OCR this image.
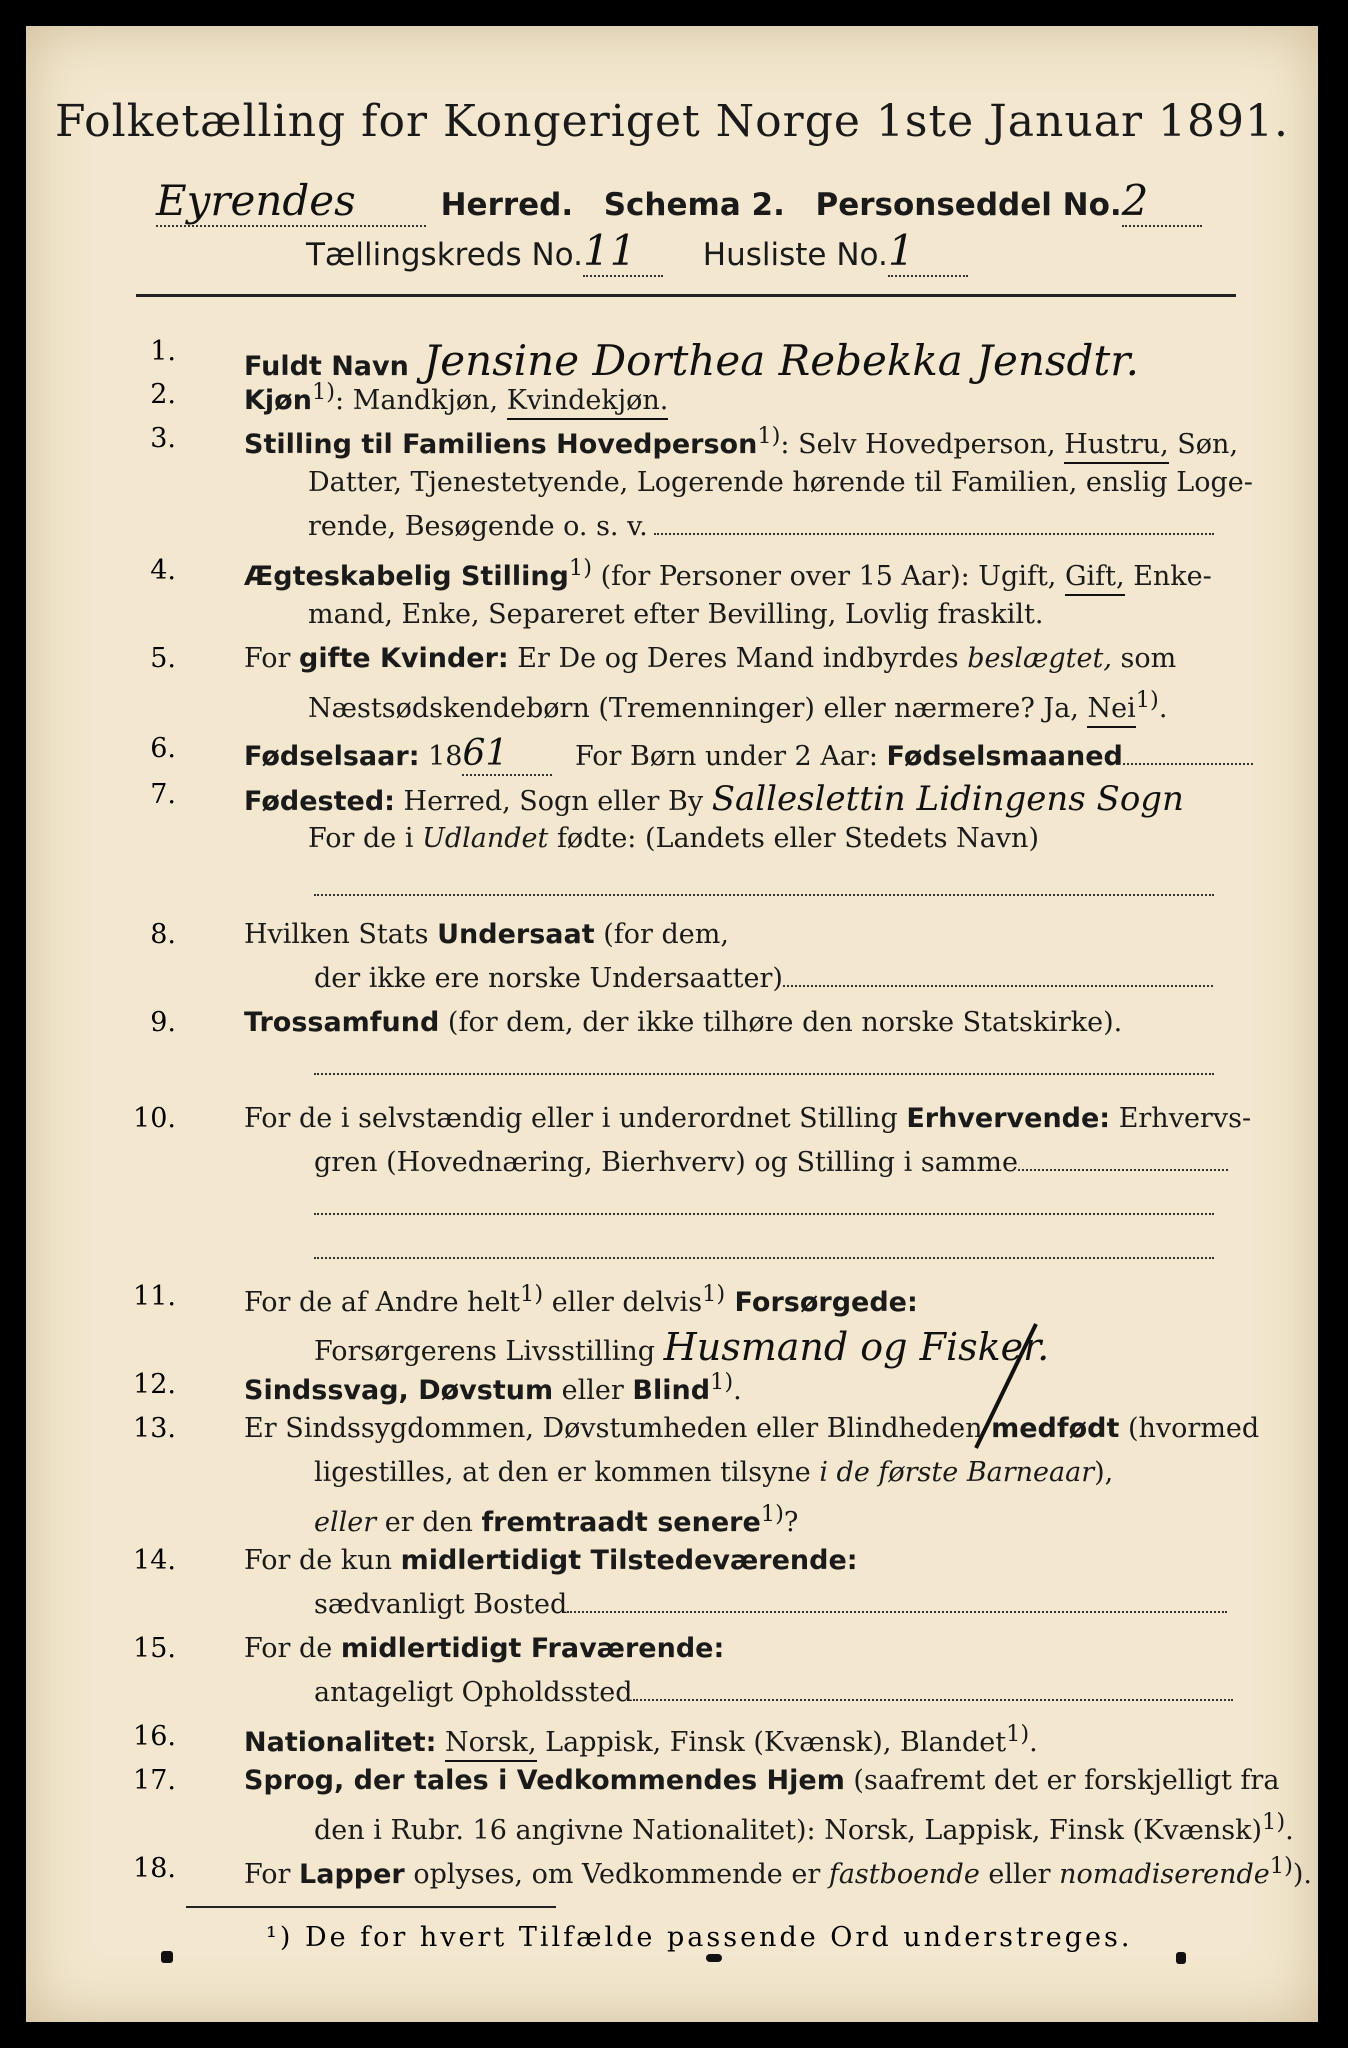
Folketælling for Kongeriget Norge 1ste Januar 1891.
Eyrendes	Herred. Schema 2. Personseddel No.2
Tællingskreds No.11 Husliste No.1
1.	Fuldt Navn Jensine Dorthea Rebekka Jensdtr.
2.	Kjøn$^{1)}$: Mandkjøn, Kvindekjøn.
3.	Stilling til Familiens Hovedperson$^{1)}$: Selv Hovedperson, Hustru, Søn,
Datter, Tjenestetyende, Logerende hørende til Familien, enslig Loge-
rende, Besøgende o. s. v.
4.	Ægteskabelig Stilling$^{1)}$ (for Personer over 15 Aar): Ugift, Gift, Enke-
mand, Enke, Separeret efter Bevilling, Lovlig fraskilt.
5.	For gifte Kvinder: Er De og Deres Mand indbyrdes beslægtet, som
Næstsødskendebørn (Tremenninger) eller nærmere? Ja, Nei$^{1)}$.
6.	Fødselsaar: 1861 For Børn under 2 Aar: Fødselsmaaned
7.	Fødested: Herred, Sogn eller By Salleslettin Lidingens Sogn
For de i Udlandet fødte: (Landets eller Stedets Navn)
8.	Hvilken Stats Undersaat (for dem,
der ikke ere norske Undersaatter)
9.	Trossamfund (for dem, der ikke tilhøre den norske Statskirke).
10.	For de i selvstændig eller i underordnet Stilling Erhvervende: Erhvervs-
gren (Hovednæring, Bierhverv) og Stilling i samme
11.	For de af Andre helt$^{1)}$ eller delvis$^{1)}$ Forsørgede:
Forsørgerens Livsstilling Husmand og Fisker.
12.	Sindssvag, Døvstum eller Blind$^{1)}$.
13.	Er Sindssygdommen, Døvstumheden eller Blindheden medfødt (hvormed
ligestilles, at den er kommen tilsyne i de første Barneaar),
eller er den fremtraadt senere$^{1)}$?
14.	For de kun midlertidigt Tilstedeværende:
sædvanligt Bosted
15.	For de midlertidigt Fraværende:
antageligt Opholdssted
16.	Nationalitet: Norsk, Lappisk, Finsk (Kvænsk), Blandet$^{1)}$.
17.	Sprog, der tales i Vedkommendes Hjem (saafremt det er forskjelligt fra
den i Rubr. 16 angivne Nationalitet): Norsk, Lappisk, Finsk (Kvænsk)$^{1)}$.
18.	For Lapper oplyses, om Vedkommende er fastboende eller nomadiserende$^{1)}$).
¹) De for hvert Tilfælde passende Ord understreges.
